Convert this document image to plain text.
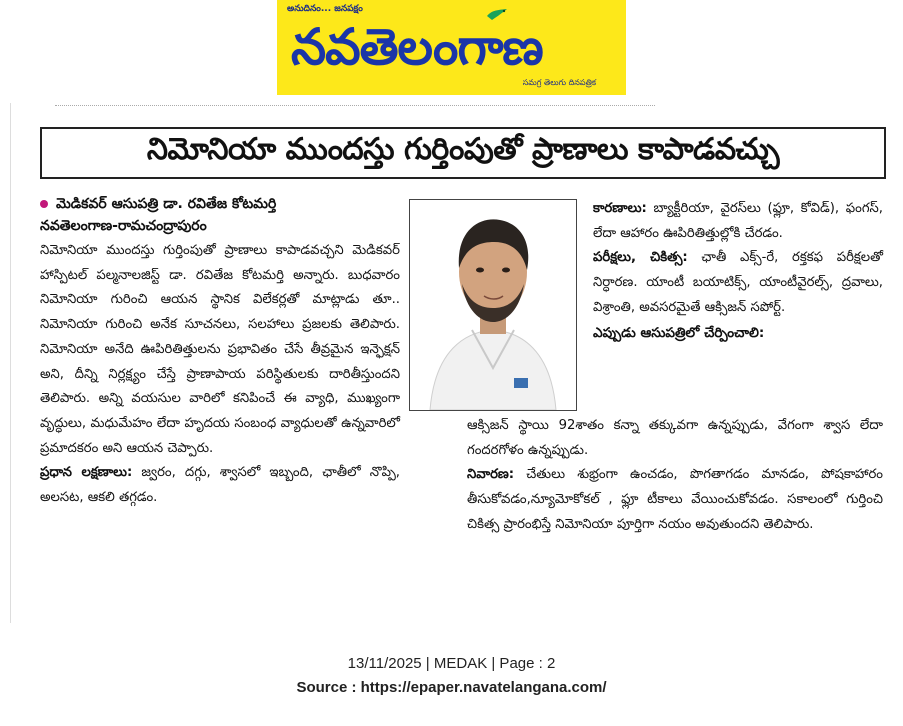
అనుదినం... జనపక్షం
నవతెలంగాణ
సమగ్ర తెలుగు దినపత్రిక
నిమోనియా ముందస్తు గుర్తింపుతో ప్రాణాలు కాపాడవచ్చు
మెడికవర్ ఆసుపత్రి డా. రవితేజ కోటమర్తి
నవతెలంగాణ-రామచంద్రాపురం
నిమోనియా ముందస్తు గుర్తింపుతో ప్రాణాలు కాపాడవచ్చని మెడికవర్ హాస్పిటల్ పల్మనాలజిస్ట్ డా. రవితేజ కోటమర్తి అన్నారు. బుధవారం నిమోనియా గురించి ఆయన స్థానిక విలేకర్లతో మాట్లాడు తూ.. నిమోనియా గురించి అనేక సూచనలు, సలహాలు ప్రజలకు తెలిపారు. నిమోనియా అనేది ఊపిరితిత్తులను ప్రభావితం చేసే తీవ్రమైన ఇన్ఫెక్షన్ అని, దీన్ని నిర్లక్ష్యం చేస్తే ప్రాణాపాయ పరిస్థితులకు దారితీస్తుందని తెలిపారు. అన్ని వయసుల వారిలో కనిపించే ఈ వ్యాధి, ముఖ్యంగా వృద్ధులు, మధుమేహం లేదా హృదయ సంబంధ వ్యాధులతో ఉన్నవారిలో ప్రమాదకరం అని ఆయన చెప్పారు.
ప్రధాన లక్షణాలు: జ్వరం, దగ్గు, శ్వాసలో ఇబ్బంది, ఛాతీలో నొప్పి, అలసట, ఆకలి తగ్గడం.
కారణాలు: బ్యాక్టీరియా, వైరస్‌లు (ఫ్లూ, కోవిడ్), ఫంగస్, లేదా ఆహారం ఊపిరితిత్తుల్లోకి చేరడం.
పరీక్షలు, చికిత్స: ఛాతీ ఎక్స్-రే, రక్తకఫ పరీక్షలతో నిర్ధారణ. యాంటీ బయాటిక్స్, యాంటీవైరల్స్, ద్రవాలు, విశ్రాంతి, అవసరమైతే ఆక్సిజన్ సపోర్ట్.
ఎప్పుడు ఆసుపత్రిలో చేర్పించాలి:
ఆక్సిజన్ స్థాయి 92శాతం కన్నా తక్కువగా ఉన్నప్పుడు, వేగంగా శ్వాస లేదా గందరగోళం ఉన్నప్పుడు.
నివారణ: చేతులు శుభ్రంగా ఉంచడం, పొగతాగడం మానడం, పోషకాహారం తీసుకోవడం,న్యూమోకోకల్ , ఫ్లూ టీకాలు వేయించుకోవడం. సకాలంలో గుర్తించి చికిత్స ప్రారంభిస్తే నిమోనియా పూర్తిగా నయం అవుతుందని తెలిపారు.
13/11/2025 | MEDAK | Page : 2
Source : https://epaper.navatelangana.com/
